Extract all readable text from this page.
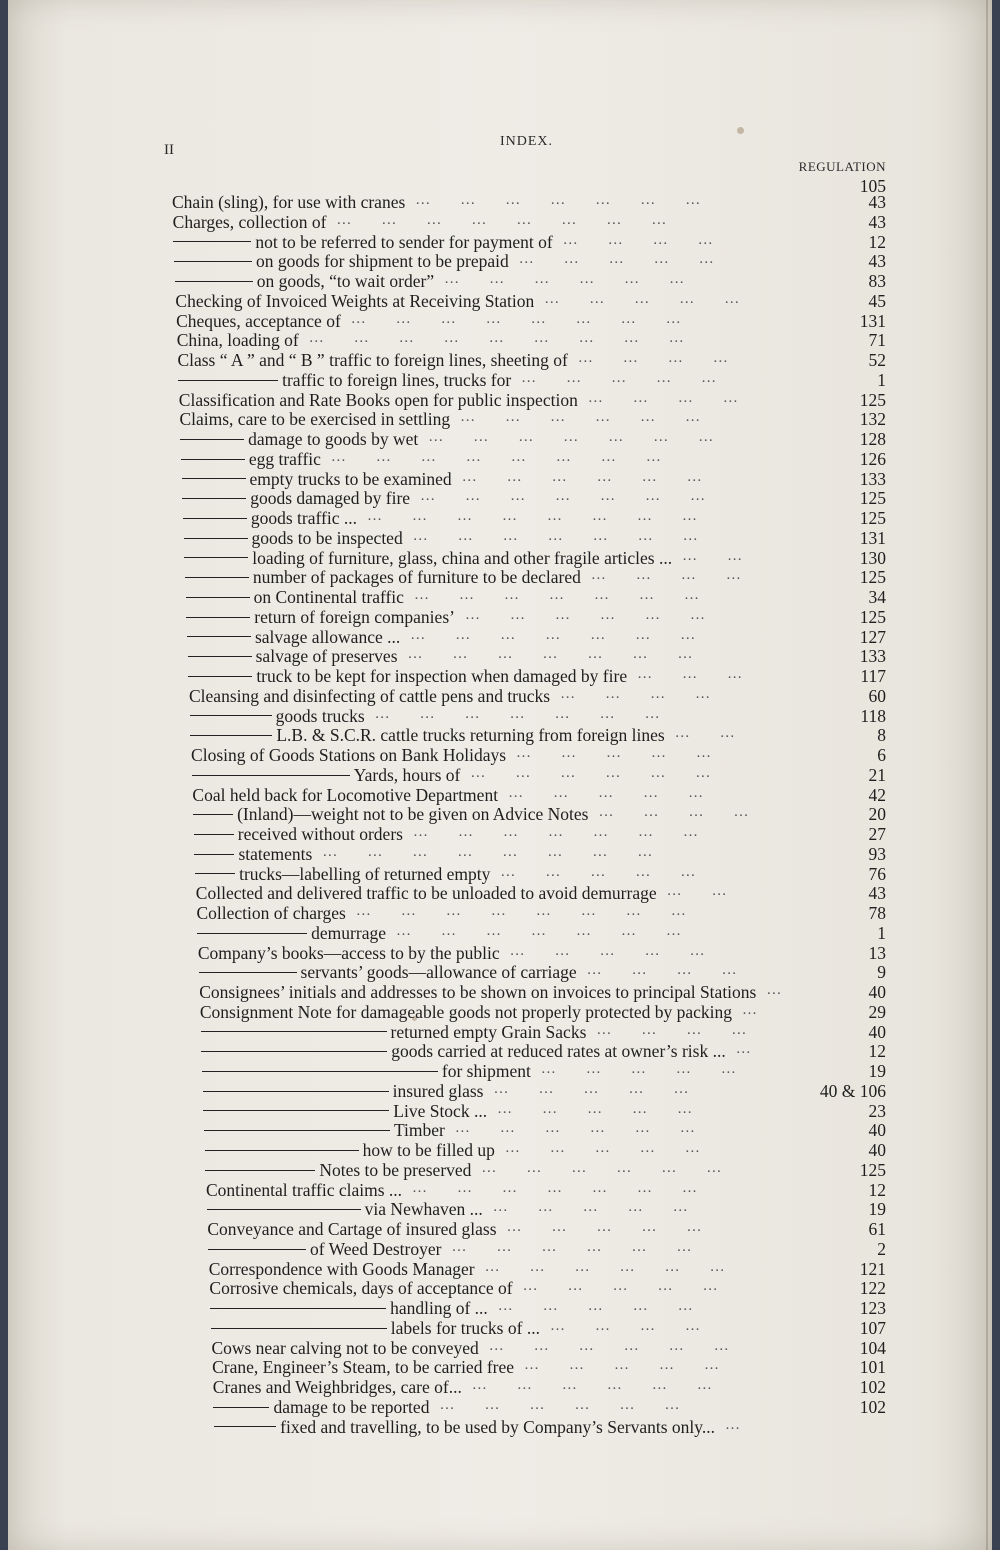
II
INDEX.
REGULATION
105
Chain (sling), for use with cranes	43
…    …    …    …    …    …    …
Charges, collection of	43
…    …    …    …    …    …    …    …
not to be referred to sender for payment of	12
…    …    …    …
on goods for shipment to be prepaid	43
…    …    …    …    …
on goods, “to wait order”	83
…    …    …    …    …    …
Checking of Invoiced Weights at Receiving Station	45
…    …    …    …    …
Cheques, acceptance of	131
…    …    …    …    …    …    …    …
China, loading of	71
…    …    …    …    …    …    …    …    …
Class “ A ” and “ B ” traffic to foreign lines, sheeting of	52
…    …    …    …
traffic to foreign lines, trucks for	1
…    …    …    …    …
Classification and Rate Books open for public inspection	125
…    …    …    …
Claims, care to be exercised in settling	132
…    …    …    …    …    …
damage to goods by wet	128
…    …    …    …    …    …    …
egg traffic	126
…    …    …    …    …    …    …    …
empty trucks to be examined	133
…    …    …    …    …    …
goods damaged by fire	125
…    …    …    …    …    …    …
goods traffic ...	125
…    …    …    …    …    …    …    …
goods to be inspected	131
…    …    …    …    …    …    …
loading of furniture, glass, china and other fragile articles ...	130
…    …
number of packages of furniture to be declared	125
…    …    …    …
on Continental traffic	34
…    …    …    …    …    …    …
return of foreign companies’	125
…    …    …    …    …    …
salvage allowance ...	127
…    …    …    …    …    …    …
salvage of preserves	133
…    …    …    …    …    …    …
truck to be kept for inspection when damaged by fire	117
…    …    …
Cleansing and disinfecting of cattle pens and trucks	60
…    …    …    …
goods trucks	118
…    …    …    …    …    …    …
L.B. & S.C.R. cattle trucks returning from foreign lines	8
…    …
Closing of Goods Stations on Bank Holidays	6
…    …    …    …    …
Yards, hours of	21
…    …    …    …    …    …
Coal held back for Locomotive Department	42
…    …    …    …    …
(Inland)—weight not to be given on Advice Notes	20
…    …    …    …
received without orders	27
…    …    …    …    …    …    …
statements	93
…    …    …    …    …    …    …    …
trucks—labelling of returned empty	76
…    …    …    …    …
Collected and delivered traffic to be unloaded to avoid demurrage	43
…    …
Collection of charges	78
…    …    …    …    …    …    …    …
demurrage	1
…    …    …    …    …    …    …
Company’s books—access to by the public	13
…    …    …    …    …
servants’ goods—allowance of carriage	9
…    …    …    …
Consignees’ initials and addresses to be shown on invoices to principal Stations	40
…
Consignment Note for damageable goods not properly protected by packing	29
…
returned empty Grain Sacks	40
…    …    …    …
goods carried at reduced rates at owner’s risk ...	12
…
for shipment	19
…    …    …    …    …
insured glass	40 & 106
…    …    …    …    …
Live Stock ...	23
…    …    …    …    …
Timber	40
…    …    …    …    …    …
how to be filled up	40
…    …    …    …    …
Notes to be preserved	125
…    …    …    …    …    …
Continental traffic claims ...	12
…    …    …    …    …    …    …
via Newhaven ...	19
…    …    …    …    …
Conveyance and Cartage of insured glass	61
…    …    …    …    …
of Weed Destroyer	2
…    …    …    …    …    …
Correspondence with Goods Manager	121
…    …    …    …    …    …
Corrosive chemicals, days of acceptance of	122
…    …    …    …    …
handling of ...	123
…    …    …    …    …
labels for trucks of ...	107
…    …    …    …
Cows near calving not to be conveyed	104
…    …    …    …    …    …
Crane, Engineer’s Steam, to be carried free	101
…    …    …    …    …
Cranes and Weighbridges, care of...	102
…    …    …    …    …    …
damage to be reported	102
…    …    …    …    …    …
fixed and travelling, to be used by Company’s Servants only... …
